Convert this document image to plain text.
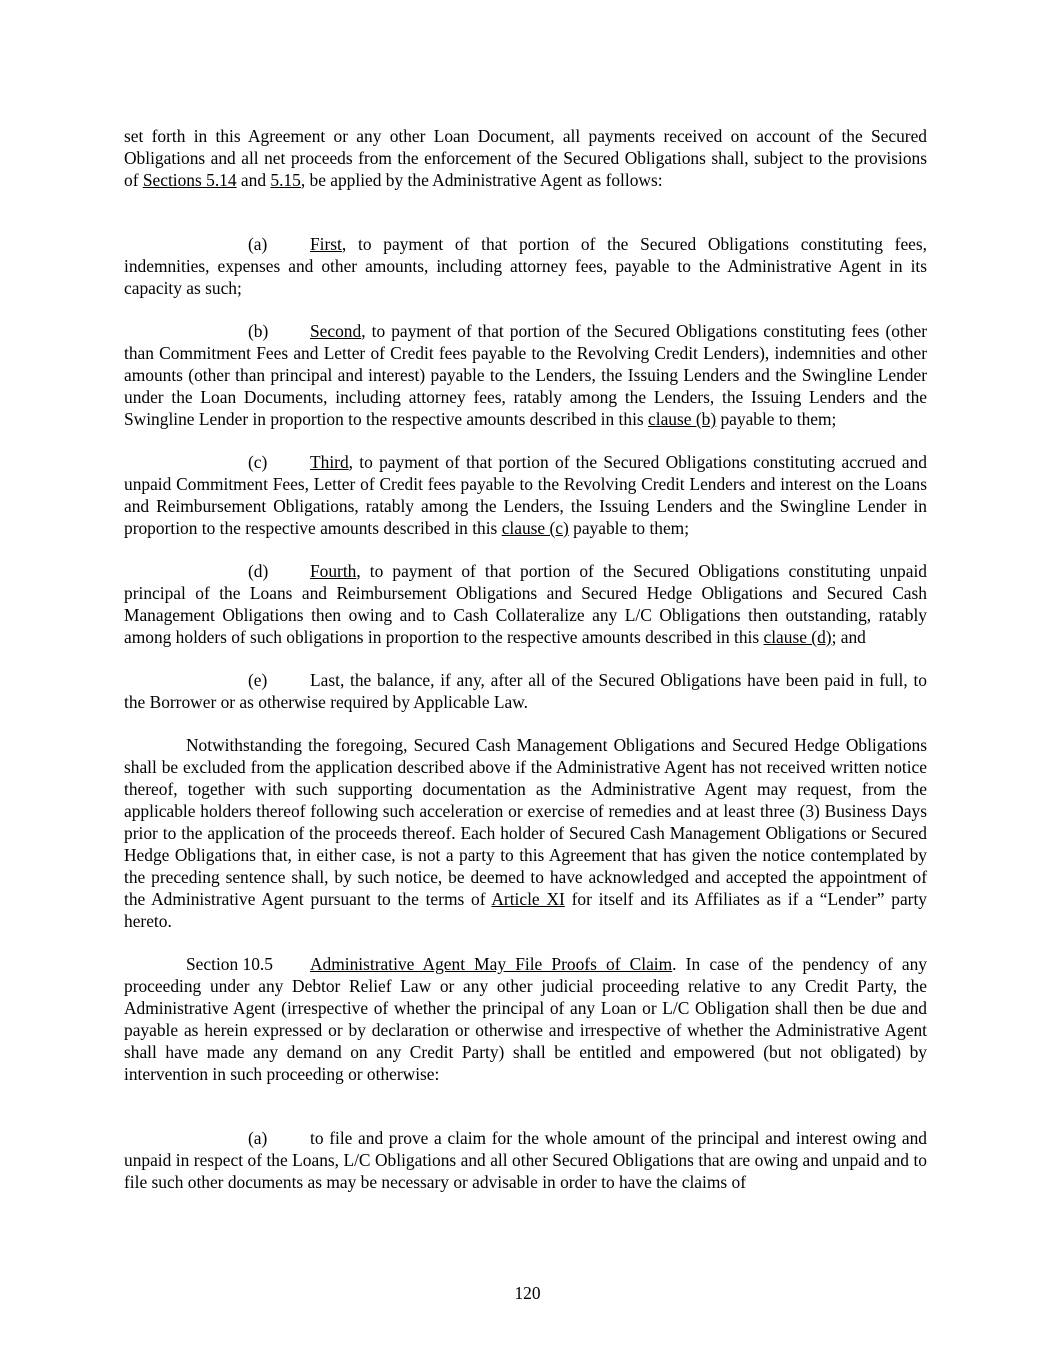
set forth in this Agreement or any other Loan Document, all payments received on account of the Secured Obligations and all net proceeds from the enforcement of the Secured Obligations shall, subject to the provisions of Sections 5.14 and 5.15, be applied by the Administrative Agent as follows:

(a) First, to payment of that portion of the Secured Obligations constituting fees, indemnities, expenses and other amounts, including attorney fees, payable to the Administrative Agent in its capacity as such;

(b) Second, to payment of that portion of the Secured Obligations constituting fees (other than Commitment Fees and Letter of Credit fees payable to the Revolving Credit Lenders), indemnities and other amounts (other than principal and interest) payable to the Lenders, the Issuing Lenders and the Swingline Lender under the Loan Documents, including attorney fees, ratably among the Lenders, the Issuing Lenders and the Swingline Lender in proportion to the respective amounts described in this clause (b) payable to them;

(c) Third, to payment of that portion of the Secured Obligations constituting accrued and unpaid Commitment Fees, Letter of Credit fees payable to the Revolving Credit Lenders and interest on the Loans and Reimbursement Obligations, ratably among the Lenders, the Issuing Lenders and the Swingline Lender in proportion to the respective amounts described in this clause (c) payable to them;

(d) Fourth, to payment of that portion of the Secured Obligations constituting unpaid principal of the Loans and Reimbursement Obligations and Secured Hedge Obligations and Secured Cash Management Obligations then owing and to Cash Collateralize any L/C Obligations then outstanding, ratably among holders of such obligations in proportion to the respective amounts described in this clause (d); and

(e) Last, the balance, if any, after all of the Secured Obligations have been paid in full, to the Borrower or as otherwise required by Applicable Law.

Notwithstanding the foregoing, Secured Cash Management Obligations and Secured Hedge Obligations shall be excluded from the application described above if the Administrative Agent has not received written notice thereof, together with such supporting documentation as the Administrative Agent may request, from the applicable holders thereof following such acceleration or exercise of remedies and at least three (3) Business Days prior to the application of the proceeds thereof. Each holder of Secured Cash Management Obligations or Secured Hedge Obligations that, in either case, is not a party to this Agreement that has given the notice contemplated by the preceding sentence shall, by such notice, be deemed to have acknowledged and accepted the appointment of the Administrative Agent pursuant to the terms of Article XI for itself and its Affiliates as if a “Lender” party hereto.

Section 10.5 Administrative Agent May File Proofs of Claim. In case of the pendency of any proceeding under any Debtor Relief Law or any other judicial proceeding relative to any Credit Party, the Administrative Agent (irrespective of whether the principal of any Loan or L/C Obligation shall then be due and payable as herein expressed or by declaration or otherwise and irrespective of whether the Administrative Agent shall have made any demand on any Credit Party) shall be entitled and empowered (but not obligated) by intervention in such proceeding or otherwise:

(a) to file and prove a claim for the whole amount of the principal and interest owing and unpaid in respect of the Loans, L/C Obligations and all other Secured Obligations that are owing and unpaid and to file such other documents as may be necessary or advisable in order to have the claims of

120
